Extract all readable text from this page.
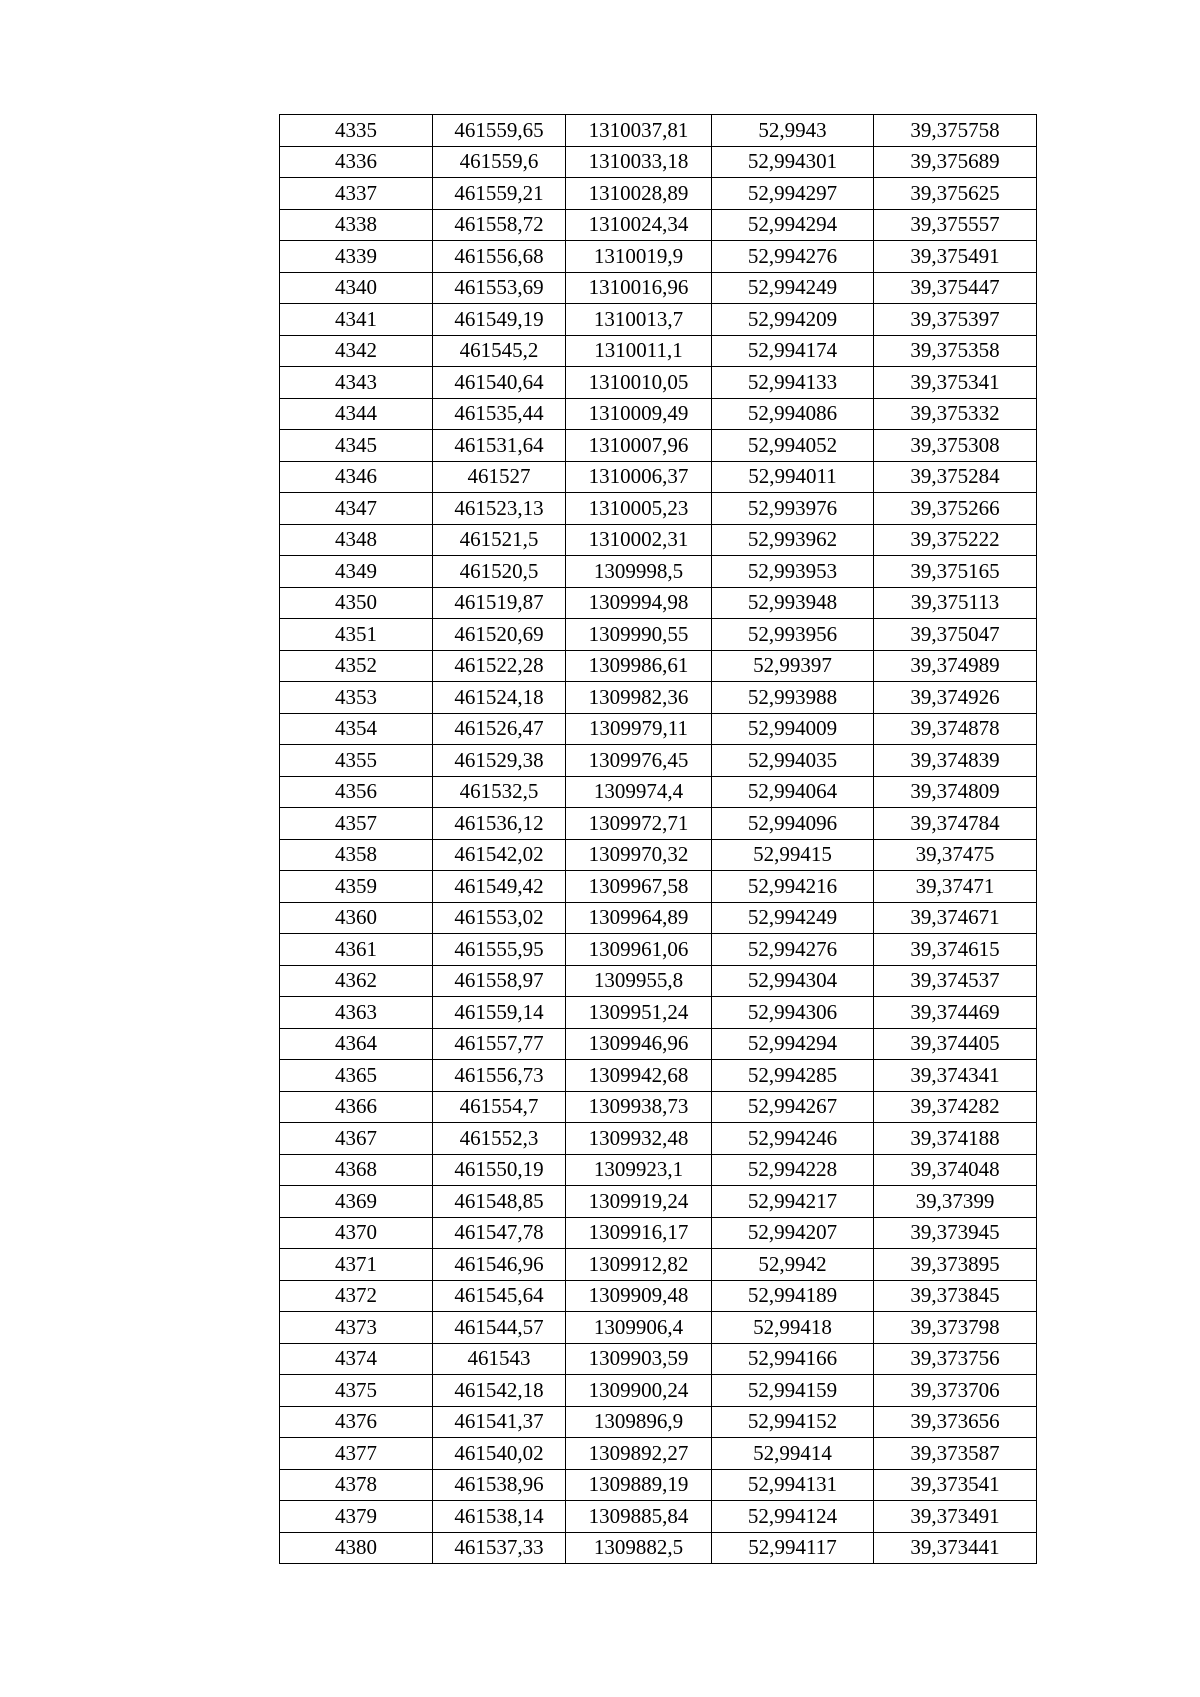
4335	461559,65	1310037,81	52,9943	39,375758
4336	461559,6	1310033,18	52,994301	39,375689
4337	461559,21	1310028,89	52,994297	39,375625
4338	461558,72	1310024,34	52,994294	39,375557
4339	461556,68	1310019,9	52,994276	39,375491
4340	461553,69	1310016,96	52,994249	39,375447
4341	461549,19	1310013,7	52,994209	39,375397
4342	461545,2	1310011,1	52,994174	39,375358
4343	461540,64	1310010,05	52,994133	39,375341
4344	461535,44	1310009,49	52,994086	39,375332
4345	461531,64	1310007,96	52,994052	39,375308
4346	461527	1310006,37	52,994011	39,375284
4347	461523,13	1310005,23	52,993976	39,375266
4348	461521,5	1310002,31	52,993962	39,375222
4349	461520,5	1309998,5	52,993953	39,375165
4350	461519,87	1309994,98	52,993948	39,375113
4351	461520,69	1309990,55	52,993956	39,375047
4352	461522,28	1309986,61	52,99397	39,374989
4353	461524,18	1309982,36	52,993988	39,374926
4354	461526,47	1309979,11	52,994009	39,374878
4355	461529,38	1309976,45	52,994035	39,374839
4356	461532,5	1309974,4	52,994064	39,374809
4357	461536,12	1309972,71	52,994096	39,374784
4358	461542,02	1309970,32	52,99415	39,37475
4359	461549,42	1309967,58	52,994216	39,37471
4360	461553,02	1309964,89	52,994249	39,374671
4361	461555,95	1309961,06	52,994276	39,374615
4362	461558,97	1309955,8	52,994304	39,374537
4363	461559,14	1309951,24	52,994306	39,374469
4364	461557,77	1309946,96	52,994294	39,374405
4365	461556,73	1309942,68	52,994285	39,374341
4366	461554,7	1309938,73	52,994267	39,374282
4367	461552,3	1309932,48	52,994246	39,374188
4368	461550,19	1309923,1	52,994228	39,374048
4369	461548,85	1309919,24	52,994217	39,37399
4370	461547,78	1309916,17	52,994207	39,373945
4371	461546,96	1309912,82	52,9942	39,373895
4372	461545,64	1309909,48	52,994189	39,373845
4373	461544,57	1309906,4	52,99418	39,373798
4374	461543	1309903,59	52,994166	39,373756
4375	461542,18	1309900,24	52,994159	39,373706
4376	461541,37	1309896,9	52,994152	39,373656
4377	461540,02	1309892,27	52,99414	39,373587
4378	461538,96	1309889,19	52,994131	39,373541
4379	461538,14	1309885,84	52,994124	39,373491
4380	461537,33	1309882,5	52,994117	39,373441
